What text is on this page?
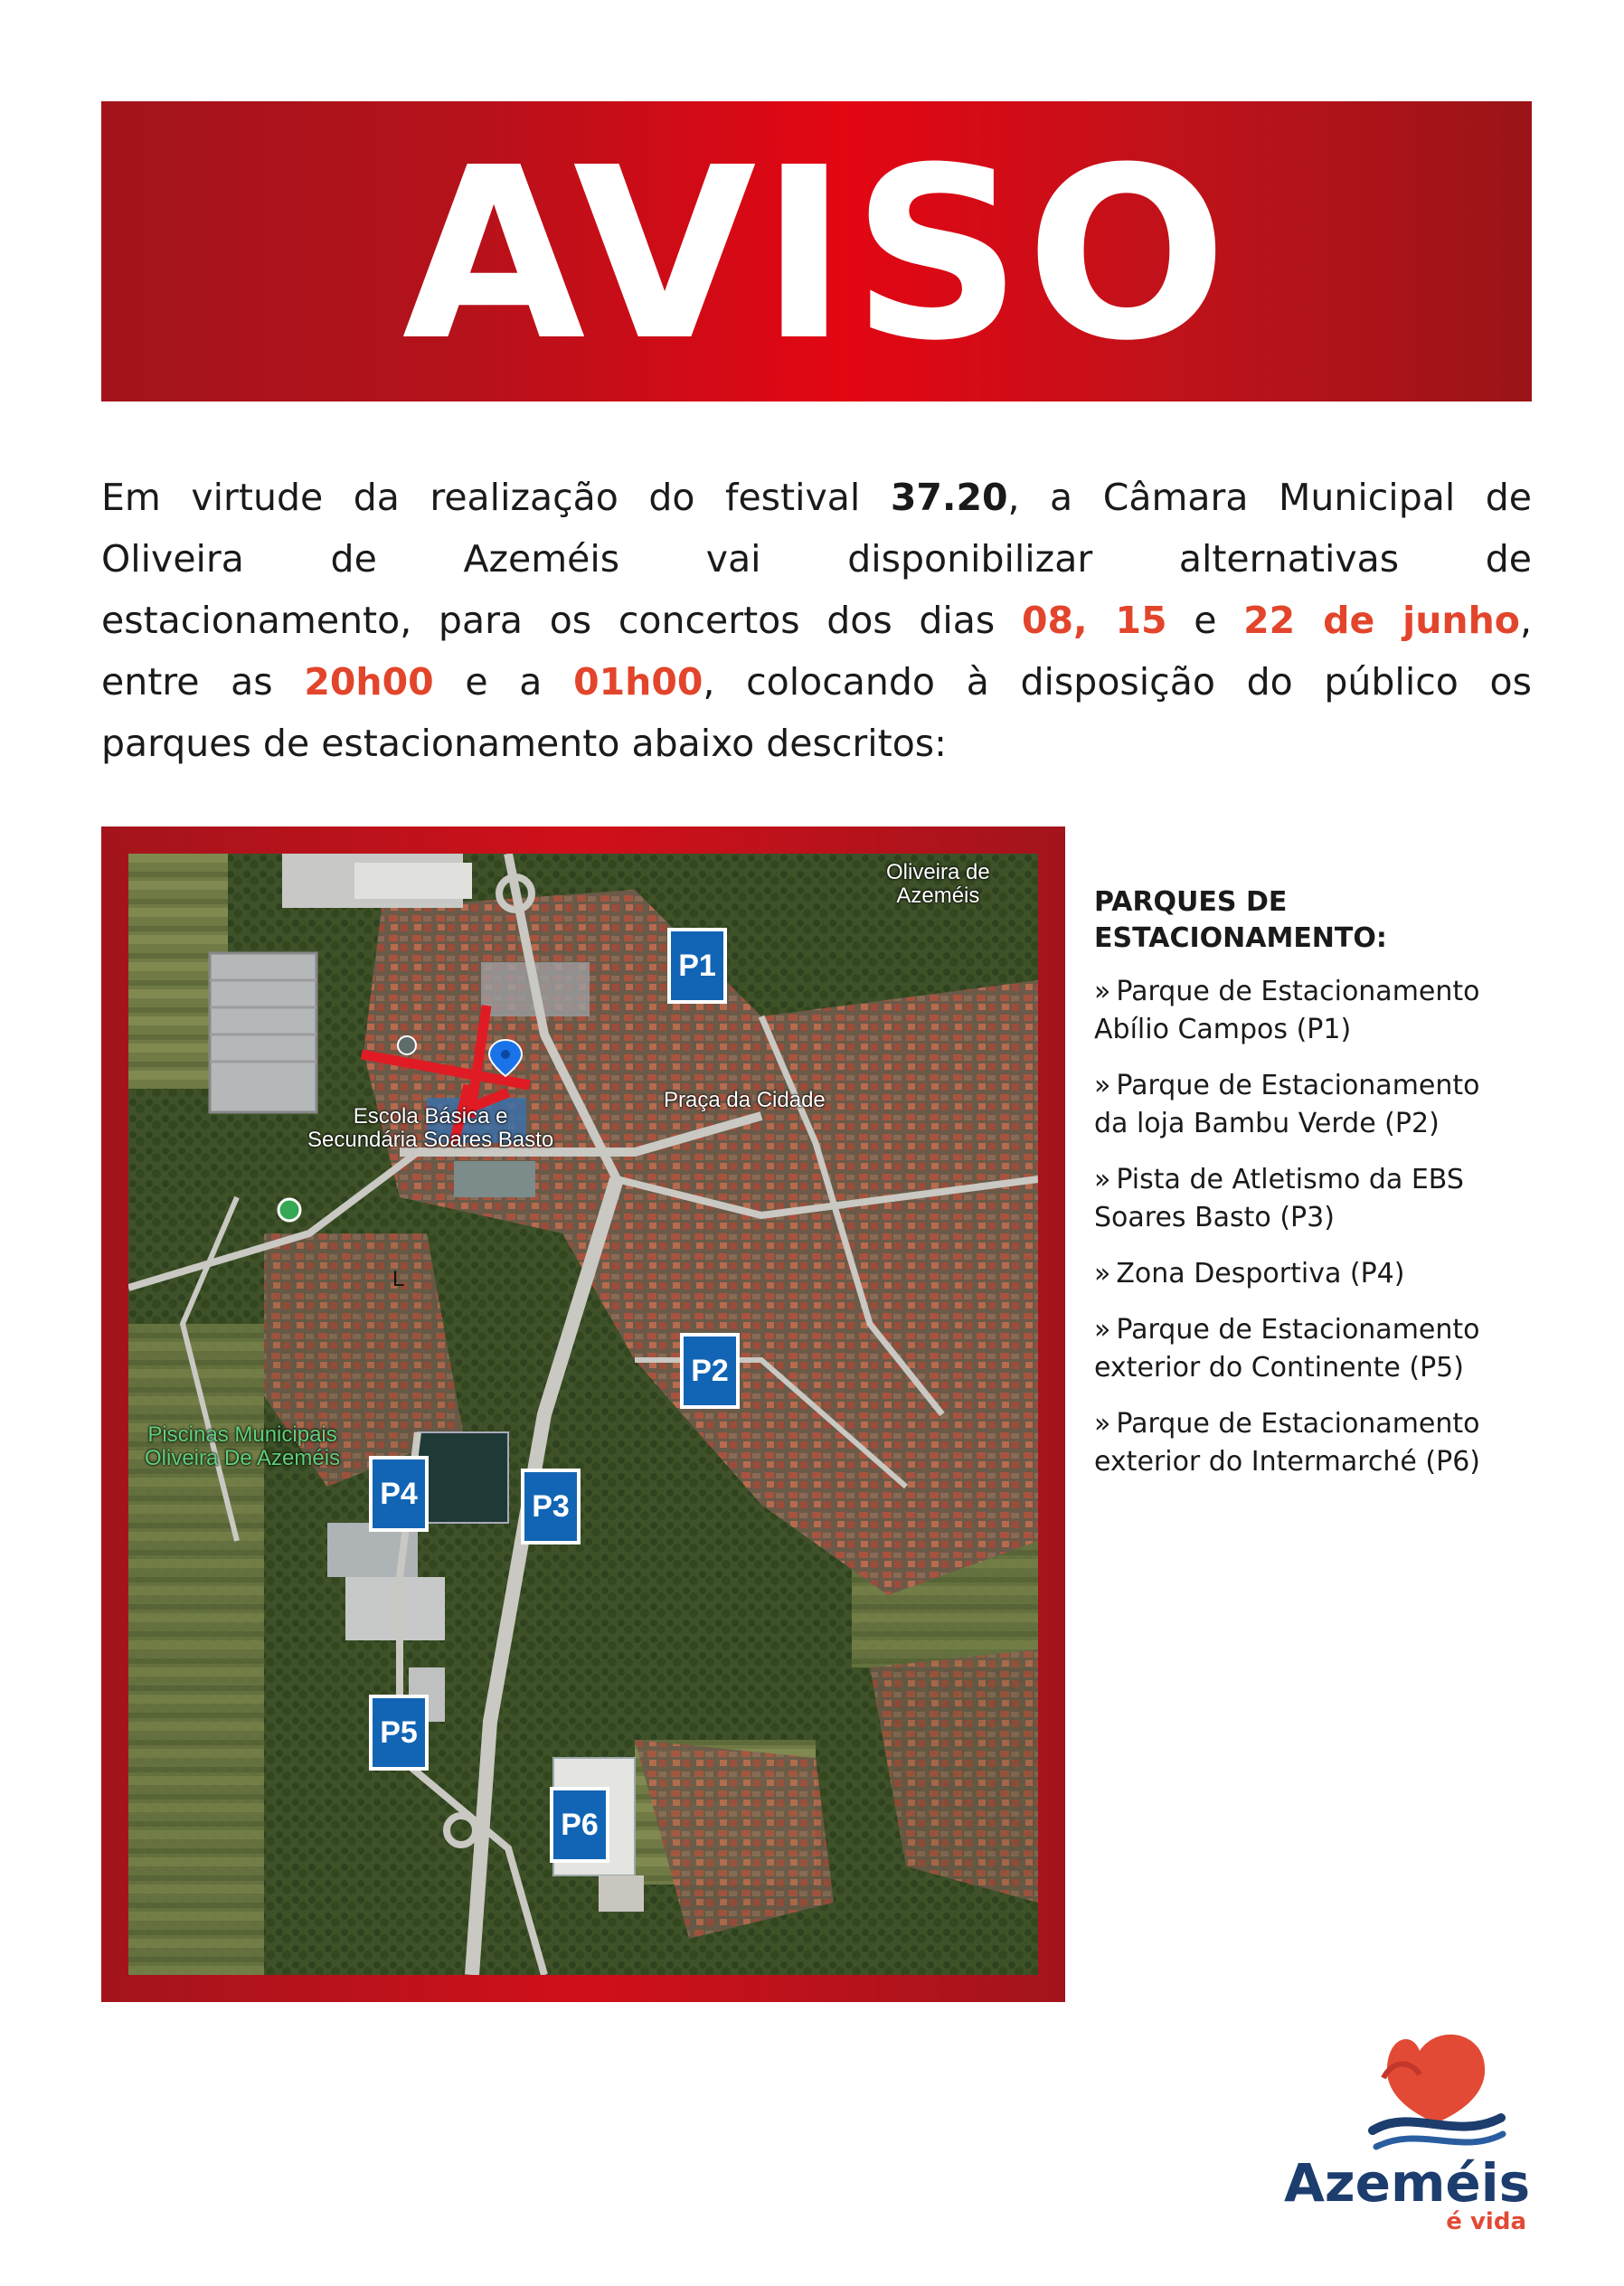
AVISO
Em virtude da realização do festival 37.20, a Câmara Municipal de
Oliveira de Azeméis vai disponibilizar alternativas de
estacionamento, para os concertos dos dias 08, 15 e 22 de junho,
entre as 20h00 e a 01h00, colocando à disposição do público os
parques de estacionamento abaixo descritos:
L
Oliveira de
Azeméis
Praça da Cidade
Escola Básica e
Secundária Soares Basto
Piscinas Municipais
Oliveira De Azeméis
P1
P2
P3
P4
P5
P6
PARQUES DE
ESTACIONAMENTO:
» Parque de Estacionamento
Abílio Campos (P1)
» Parque de Estacionamento
da loja Bambu Verde (P2)
» Pista de Atletismo da EBS
Soares Basto (P3)
» Zona Desportiva (P4)
» Parque de Estacionamento
exterior do Continente (P5)
» Parque de Estacionamento
exterior do Intermarché (P6)
Azeméis
é vida
